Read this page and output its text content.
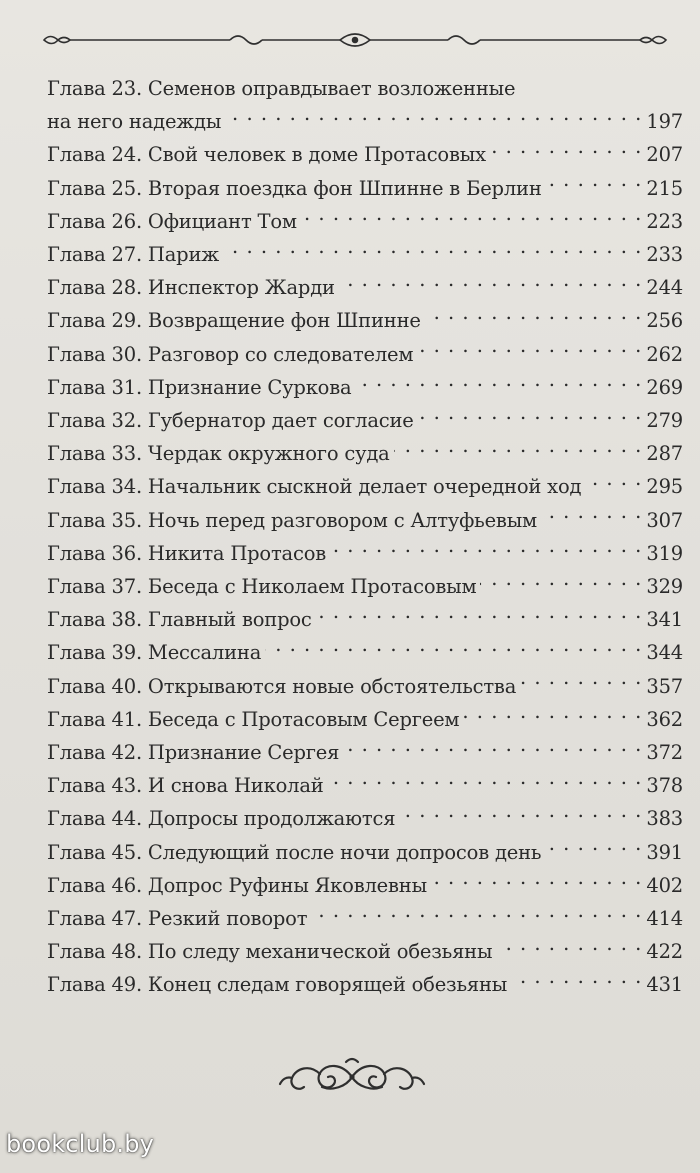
Глава 23. Семенов оправдывает возложенные
на него надежды . . .	197
Глава 24. Свой человек в доме Протасовых . . .	207
Глава 25. Вторая поездка фон Шпинне в Берлин . . .	215
Глава 26. Официант Том . . .	223
Глава 27. Париж . . .	233
Глава 28. Инспектор Жарди . . .	244
Глава 29. Возвращение фон Шпинне . . .	256
Глава 30. Разговор со следователем . . .	262
Глава 31. Признание Суркова . . .	269
Глава 32. Губернатор дает согласие . . .	279
Глава 33. Чердак окружного суда . . .	287
Глава 34. Начальник сыскной делает очередной ход . . .	295
Глава 35. Ночь перед разговором с Алтуфьевым . . .	307
Глава 36. Никита Протасов . . .	319
Глава 37. Беседа с Николаем Протасовым . . .	329
Глава 38. Главный вопрос . . .	341
Глава 39. Мессалина . . .	344
Глава 40. Открываются новые обстоятельства . . .	357
Глава 41. Беседа с Протасовым Сергеем . . .	362
Глава 42. Признание Сергея . . .	372
Глава 43. И снова Николай . . .	378
Глава 44. Допросы продолжаются . . .	383
Глава 45. Следующий после ночи допросов день . . .	391
Глава 46. Допрос Руфины Яковлевны . . .	402
Глава 47. Резкий поворот . . .	414
Глава 48. По следу механической обезьяны . . .	422
Глава 49. Конец следам говорящей обезьяны . . .	431
bookclub.by
